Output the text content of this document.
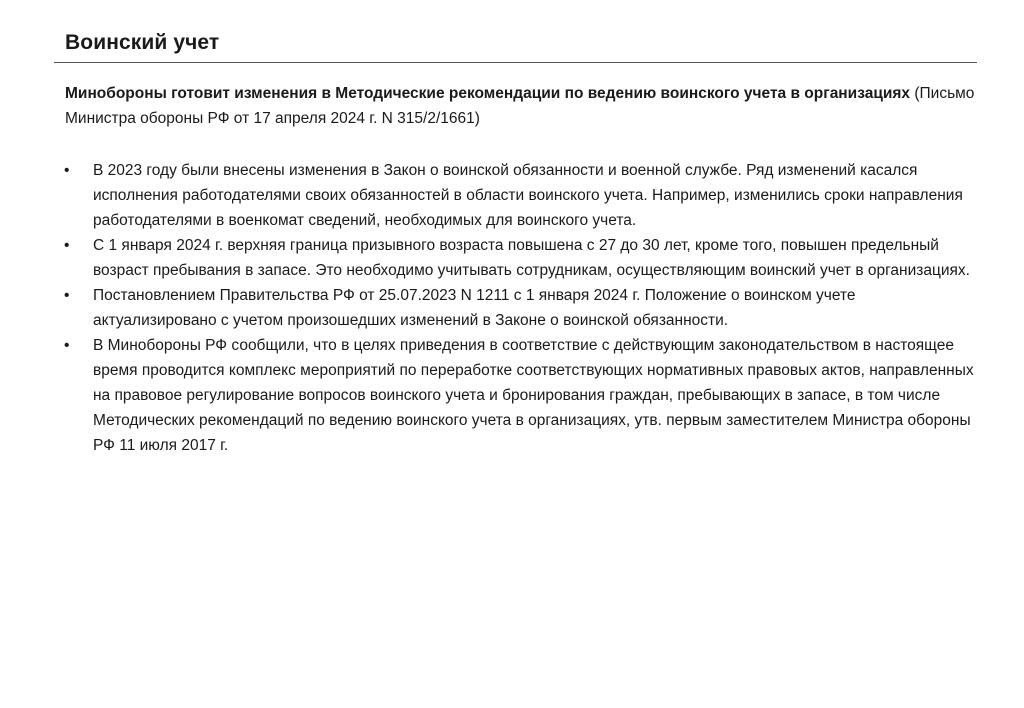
Воинский учет

Минобороны готовит изменения в Методические рекомендации по ведению воинского учета в организациях (Письмо Министра обороны РФ от 17 апреля 2024 г. N 315/2/1661)

•	В 2023 году были внесены изменения в Закон о воинской обязанности и военной службе. Ряд изменений касался исполнения работодателями своих обязанностей в области воинского учета. Например, изменились сроки направления работодателями в военкомат сведений, необходимых для воинского учета.
•	С 1 января 2024 г. верхняя граница призывного возраста повышена с 27 до 30 лет, кроме того, повышен предельный возраст пребывания в запасе. Это необходимо учитывать сотрудникам, осуществляющим воинский учет в организациях.
•	Постановлением Правительства РФ от 25.07.2023 N 1211 с 1 января 2024 г. Положение о воинском учете актуализировано с учетом произошедших изменений в Законе о воинской обязанности.
•	В Минобороны РФ сообщили, что в целях приведения в соответствие с действующим законодательством в настоящее время проводится комплекс мероприятий по переработке соответствующих нормативных правовых актов, направленных на правовое регулирование вопросов воинского учета и бронирования граждан, пребывающих в запасе, в том числе Методических рекомендаций по ведению воинского учета в организациях, утв. первым заместителем Министра обороны РФ 11 июля 2017 г.
